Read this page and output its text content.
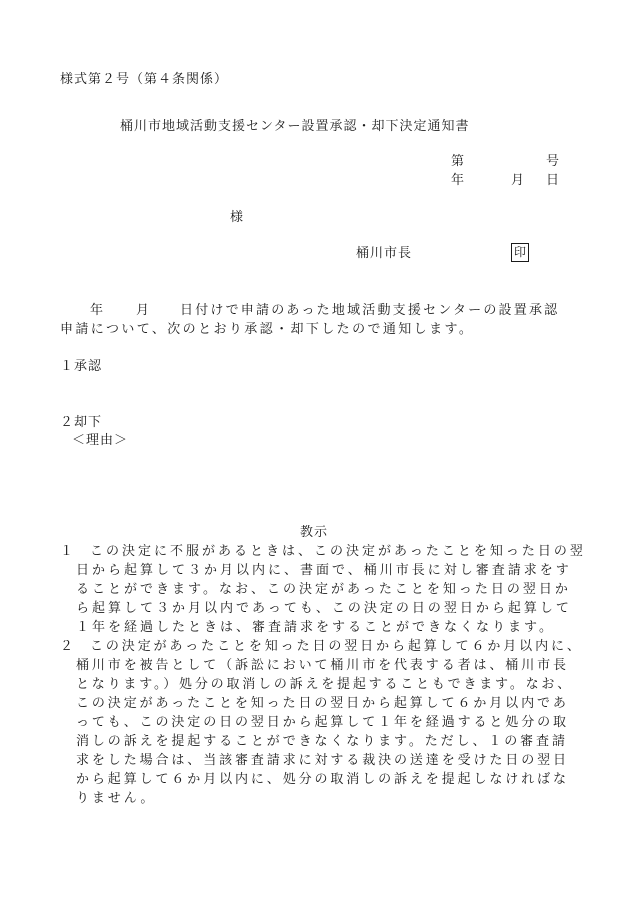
様式第２号（第４条関係）
桶川市地域活動支援センター設置承認・却下決定通知書
第	号
年	月 日
様
桶川市長	印
年 月 日付けで申請のあった地域活動支援センターの設置承認
申請について、次のとおり承認・却下したので通知します。
１承認
２却下
＜理由＞
教示
１ この決定に不服があるときは、この決定があったことを知った日の翌
日から起算して３か月以内に、書面で、桶川市長に対し審査請求をす
ることができます。なお、この決定があったことを知った日の翌日か
ら起算して３か月以内であっても、この決定の日の翌日から起算して
１年を経過したときは、審査請求をすることができなくなります。
２ この決定があったことを知った日の翌日から起算して６か月以内に、
桶川市を被告として（訴訟において桶川市を代表する者は、桶川市長
となります。）処分の取消しの訴えを提起することもできます。なお、
この決定があったことを知った日の翌日から起算して６か月以内であ
っても、この決定の日の翌日から起算して１年を経過すると処分の取
消しの訴えを提起することができなくなります。ただし、１の審査請
求をした場合は、当該審査請求に対する裁決の送達を受けた日の翌日
から起算して６か月以内に、処分の取消しの訴えを提起しなければな
りません。
